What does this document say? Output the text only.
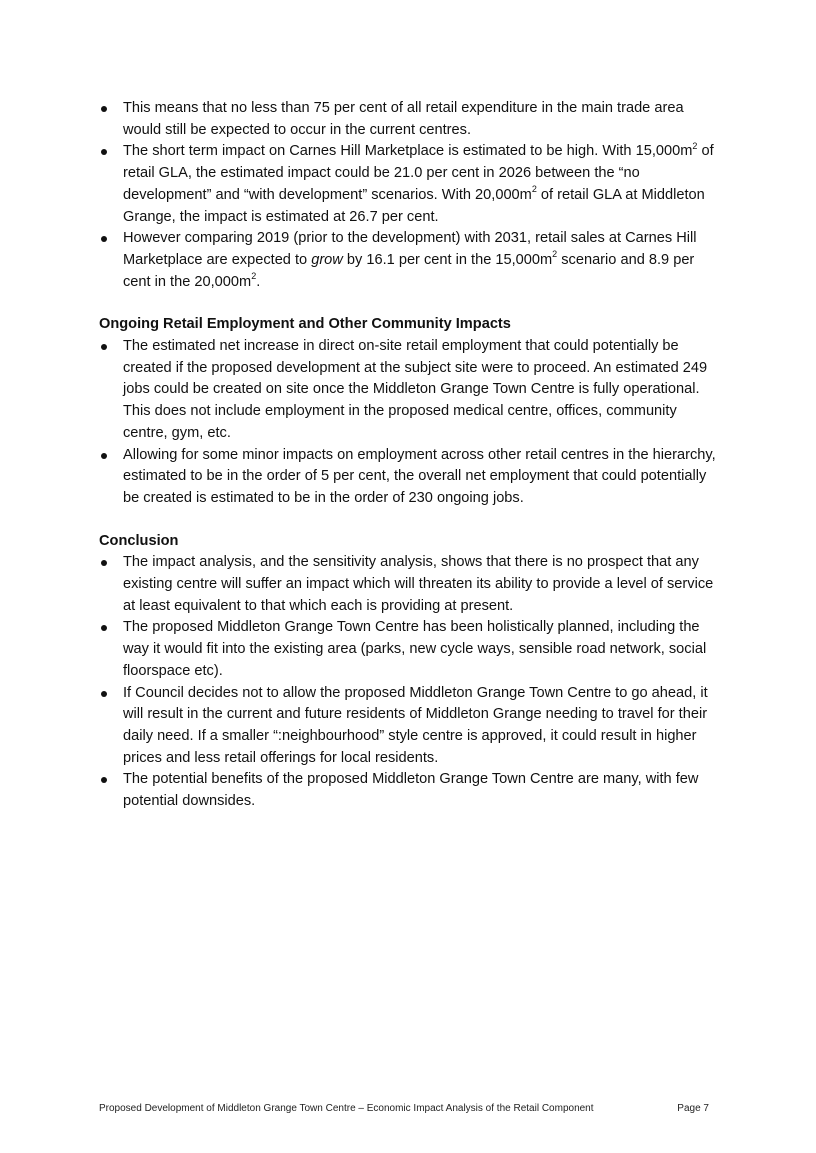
This means that no less than 75 per cent of all retail expenditure in the main trade area would still be expected to occur in the current centres.
The short term impact on Carnes Hill Marketplace is estimated to be high. With $15,000m^2$ of retail GLA, the estimated impact could be 21.0 per cent in 2026 between the “no development” and “with development” scenarios. With $20,000m^2$ of retail GLA at Middleton Grange, the impact is estimated at 26.7 per cent.
However comparing 2019 (prior to the development) with 2031, retail sales at Carnes Hill Marketplace are expected to grow by 16.1 per cent in the $15,000m^2$ scenario and 8.9 per cent in the $20,000m^2$.

Ongoing Retail Employment and Other Community Impacts

The estimated net increase in direct on-site retail employment that could potentially be created if the proposed development at the subject site were to proceed. An estimated 249 jobs could be created on site once the Middleton Grange Town Centre is fully operational. This does not include employment in the proposed medical centre, offices, community centre, gym, etc.
Allowing for some minor impacts on employment across other retail centres in the hierarchy, estimated to be in the order of 5 per cent, the overall net employment that could potentially be created is estimated to be in the order of 230 ongoing jobs.

Conclusion

The impact analysis, and the sensitivity analysis, shows that there is no prospect that any existing centre will suffer an impact which will threaten its ability to provide a level of service at least equivalent to that which each is providing at present.
The proposed Middleton Grange Town Centre has been holistically planned, including the way it would fit into the existing area (parks, new cycle ways, sensible road network, social floorspace etc).
If Council decides not to allow the proposed Middleton Grange Town Centre to go ahead, it will result in the current and future residents of Middleton Grange needing to travel for their daily need. If a smaller “:neighbourhood” style centre is approved, it could result in higher prices and less retail offerings for local residents.
The potential benefits of the proposed Middleton Grange Town Centre are many, with few potential downsides.
Proposed Development of Middleton Grange Town Centre – Economic Impact Analysis of the Retail Component	Page 7
